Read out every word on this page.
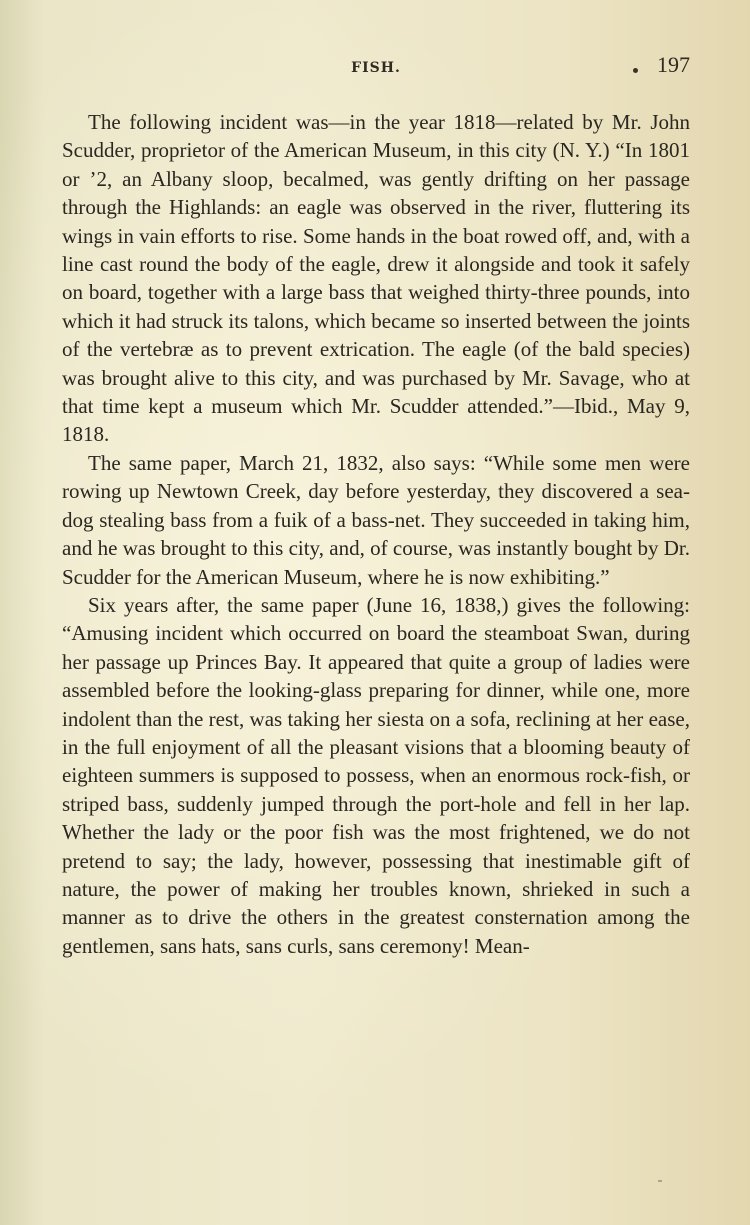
FISH.	197

The following incident was—in the year 1818—related by Mr. John Scudder, proprietor of the American Museum, in this city (N. Y.) “In 1801 or ’2, an Albany sloop, becalmed, was gently drifting on her passage through the Highlands: an eagle was observed in the river, fluttering its wings in vain efforts to rise. Some hands in the boat rowed off, and, with a line cast round the body of the eagle, drew it alongside and took it safely on board, together with a large bass that weighed thirty-three pounds, into which it had struck its talons, which became so inserted between the joints of the vertebræ as to prevent extrication. The eagle (of the bald species) was brought alive to this city, and was purchased by Mr. Savage, who at that time kept a museum which Mr. Scudder attended.”—Ibid., May 9, 1818.

The same paper, March 21, 1832, also says: “While some men were rowing up Newtown Creek, day before yesterday, they discovered a sea-dog stealing bass from a fuik of a bass-net. They succeeded in taking him, and he was brought to this city, and, of course, was instantly bought by Dr. Scudder for the American Museum, where he is now exhibiting.”

Six years after, the same paper (June 16, 1838,) gives the following: “Amusing incident which occurred on board the steamboat Swan, during her passage up Princes Bay. It appeared that quite a group of ladies were assembled before the looking-glass preparing for dinner, while one, more indolent than the rest, was taking her siesta on a sofa, reclining at her ease, in the full enjoyment of all the pleasant visions that a blooming beauty of eighteen summers is supposed to possess, when an enormous rock-fish, or striped bass, suddenly jumped through the port-hole and fell in her lap. Whether the lady or the poor fish was the most frightened, we do not pretend to say; the lady, however, possessing that inestimable gift of nature, the power of making her troubles known, shrieked in such a manner as to drive the others in the greatest consternation among the gentlemen, sans hats, sans curls, sans ceremony! Mean-
